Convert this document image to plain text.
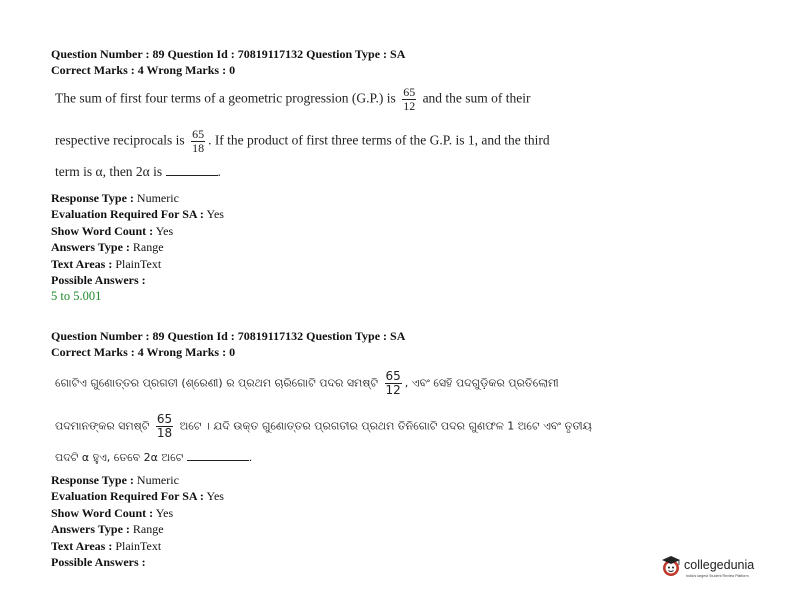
Question Number : 89 Question Id : 70819117132 Question Type : SA
Correct Marks : 4 Wrong Marks : 0
The sum of first four terms of a geometric progression (G.P.) is $\frac{65}{12}$ and the sum of their
respective reciprocals is $\frac{65}{18}$ . If the product of first three terms of the G.P. is 1, and the third
term is α, then 2α is	.
Response Type : Numeric
Evaluation Required For SA : Yes
Show Word Count : Yes
Answers Type : Range
Text Areas : PlainText
Possible Answers :
5 to 5.001
Question Number : 89 Question Id : 70819117132 Question Type : SA
Correct Marks : 4 Wrong Marks : 0
ଗୋଟିଏ ଗୁଣୋତ୍ତର ପ୍ରଗତୀ (ଶ୍ରେଣୀ) ର ପ୍ରଥମ ଚାରିଗୋଟି ପଦର ସମଷ୍ଟି $\frac{65}{12}$ , ଏବଂ ସେହି ପଦଗୁଡ଼ିକର ପ୍ରତିଲୋମୀ
ପଦମାନଙ୍କର ସମଷ୍ଟି $\frac{65}{18}$ ଅଟେ । ଯଦି ଉକ୍ତ ଗୁଣୋତ୍ତର ପ୍ରଗତୀର ପ୍ରଥମ ତିନିଗୋଟି ପଦର ଗୁଣଫଳ 1 ଅଟେ ଏବଂ ତୃତୀୟ
ପଦଟି α ହୁଏ, ତେବେ 2α ଅଟେ	.
Response Type : Numeric
Evaluation Required For SA : Yes
Show Word Count : Yes
Answers Type : Range
Text Areas : PlainText
Possible Answers :	collegedunia
India's largest Student Review Platform
